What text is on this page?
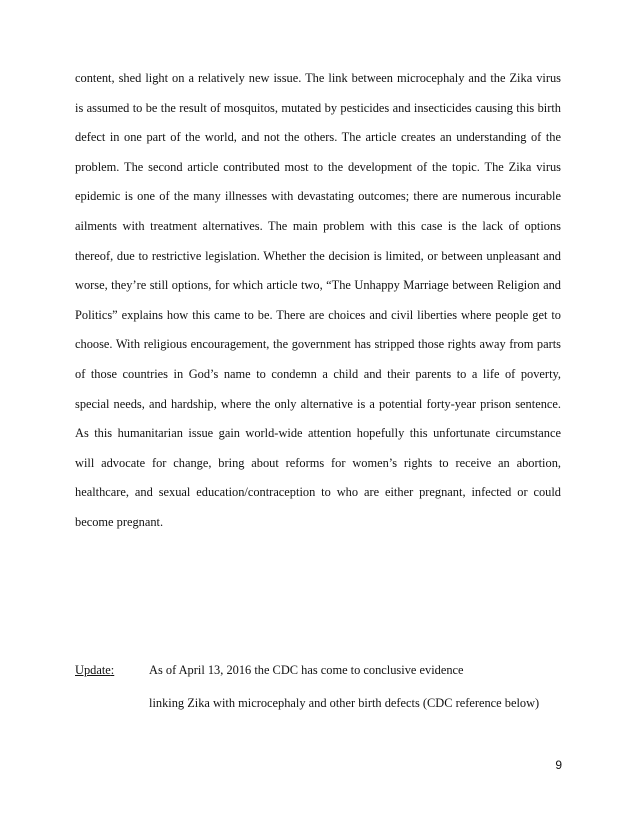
content, shed light on a relatively new issue. The link between microcephaly and the Zika virus
is assumed to be the result of mosquitos, mutated by pesticides and insecticides causing this birth
defect in one part of the world, and not the others. The article creates an understanding of the
problem. The second article contributed most to the development of the topic. The Zika virus
epidemic is one of the many illnesses with devastating outcomes; there are numerous incurable
ailments with treatment alternatives. The main problem with this case is the lack of options
thereof, due to restrictive legislation. Whether the decision is limited, or between unpleasant and
worse, they’re still options, for which article two, “The Unhappy Marriage between Religion and
Politics” explains how this came to be. There are choices and civil liberties where people get to
choose. With religious encouragement, the government has stripped those rights away from parts
of those countries in God’s name to condemn a child and their parents to a life of poverty,
special needs, and hardship, where the only alternative is a potential forty-year prison sentence.
As this humanitarian issue gain world-wide attention hopefully this unfortunate circumstance
will advocate for change, bring about reforms for women’s rights to receive an abortion,
healthcare, and sexual education/contraception to who are either pregnant, infected or could
become pregnant.
Update:	As of April 13, 2016 the CDC has come to conclusive evidence
linking Zika with microcephaly and other birth defects (CDC reference below)
9
